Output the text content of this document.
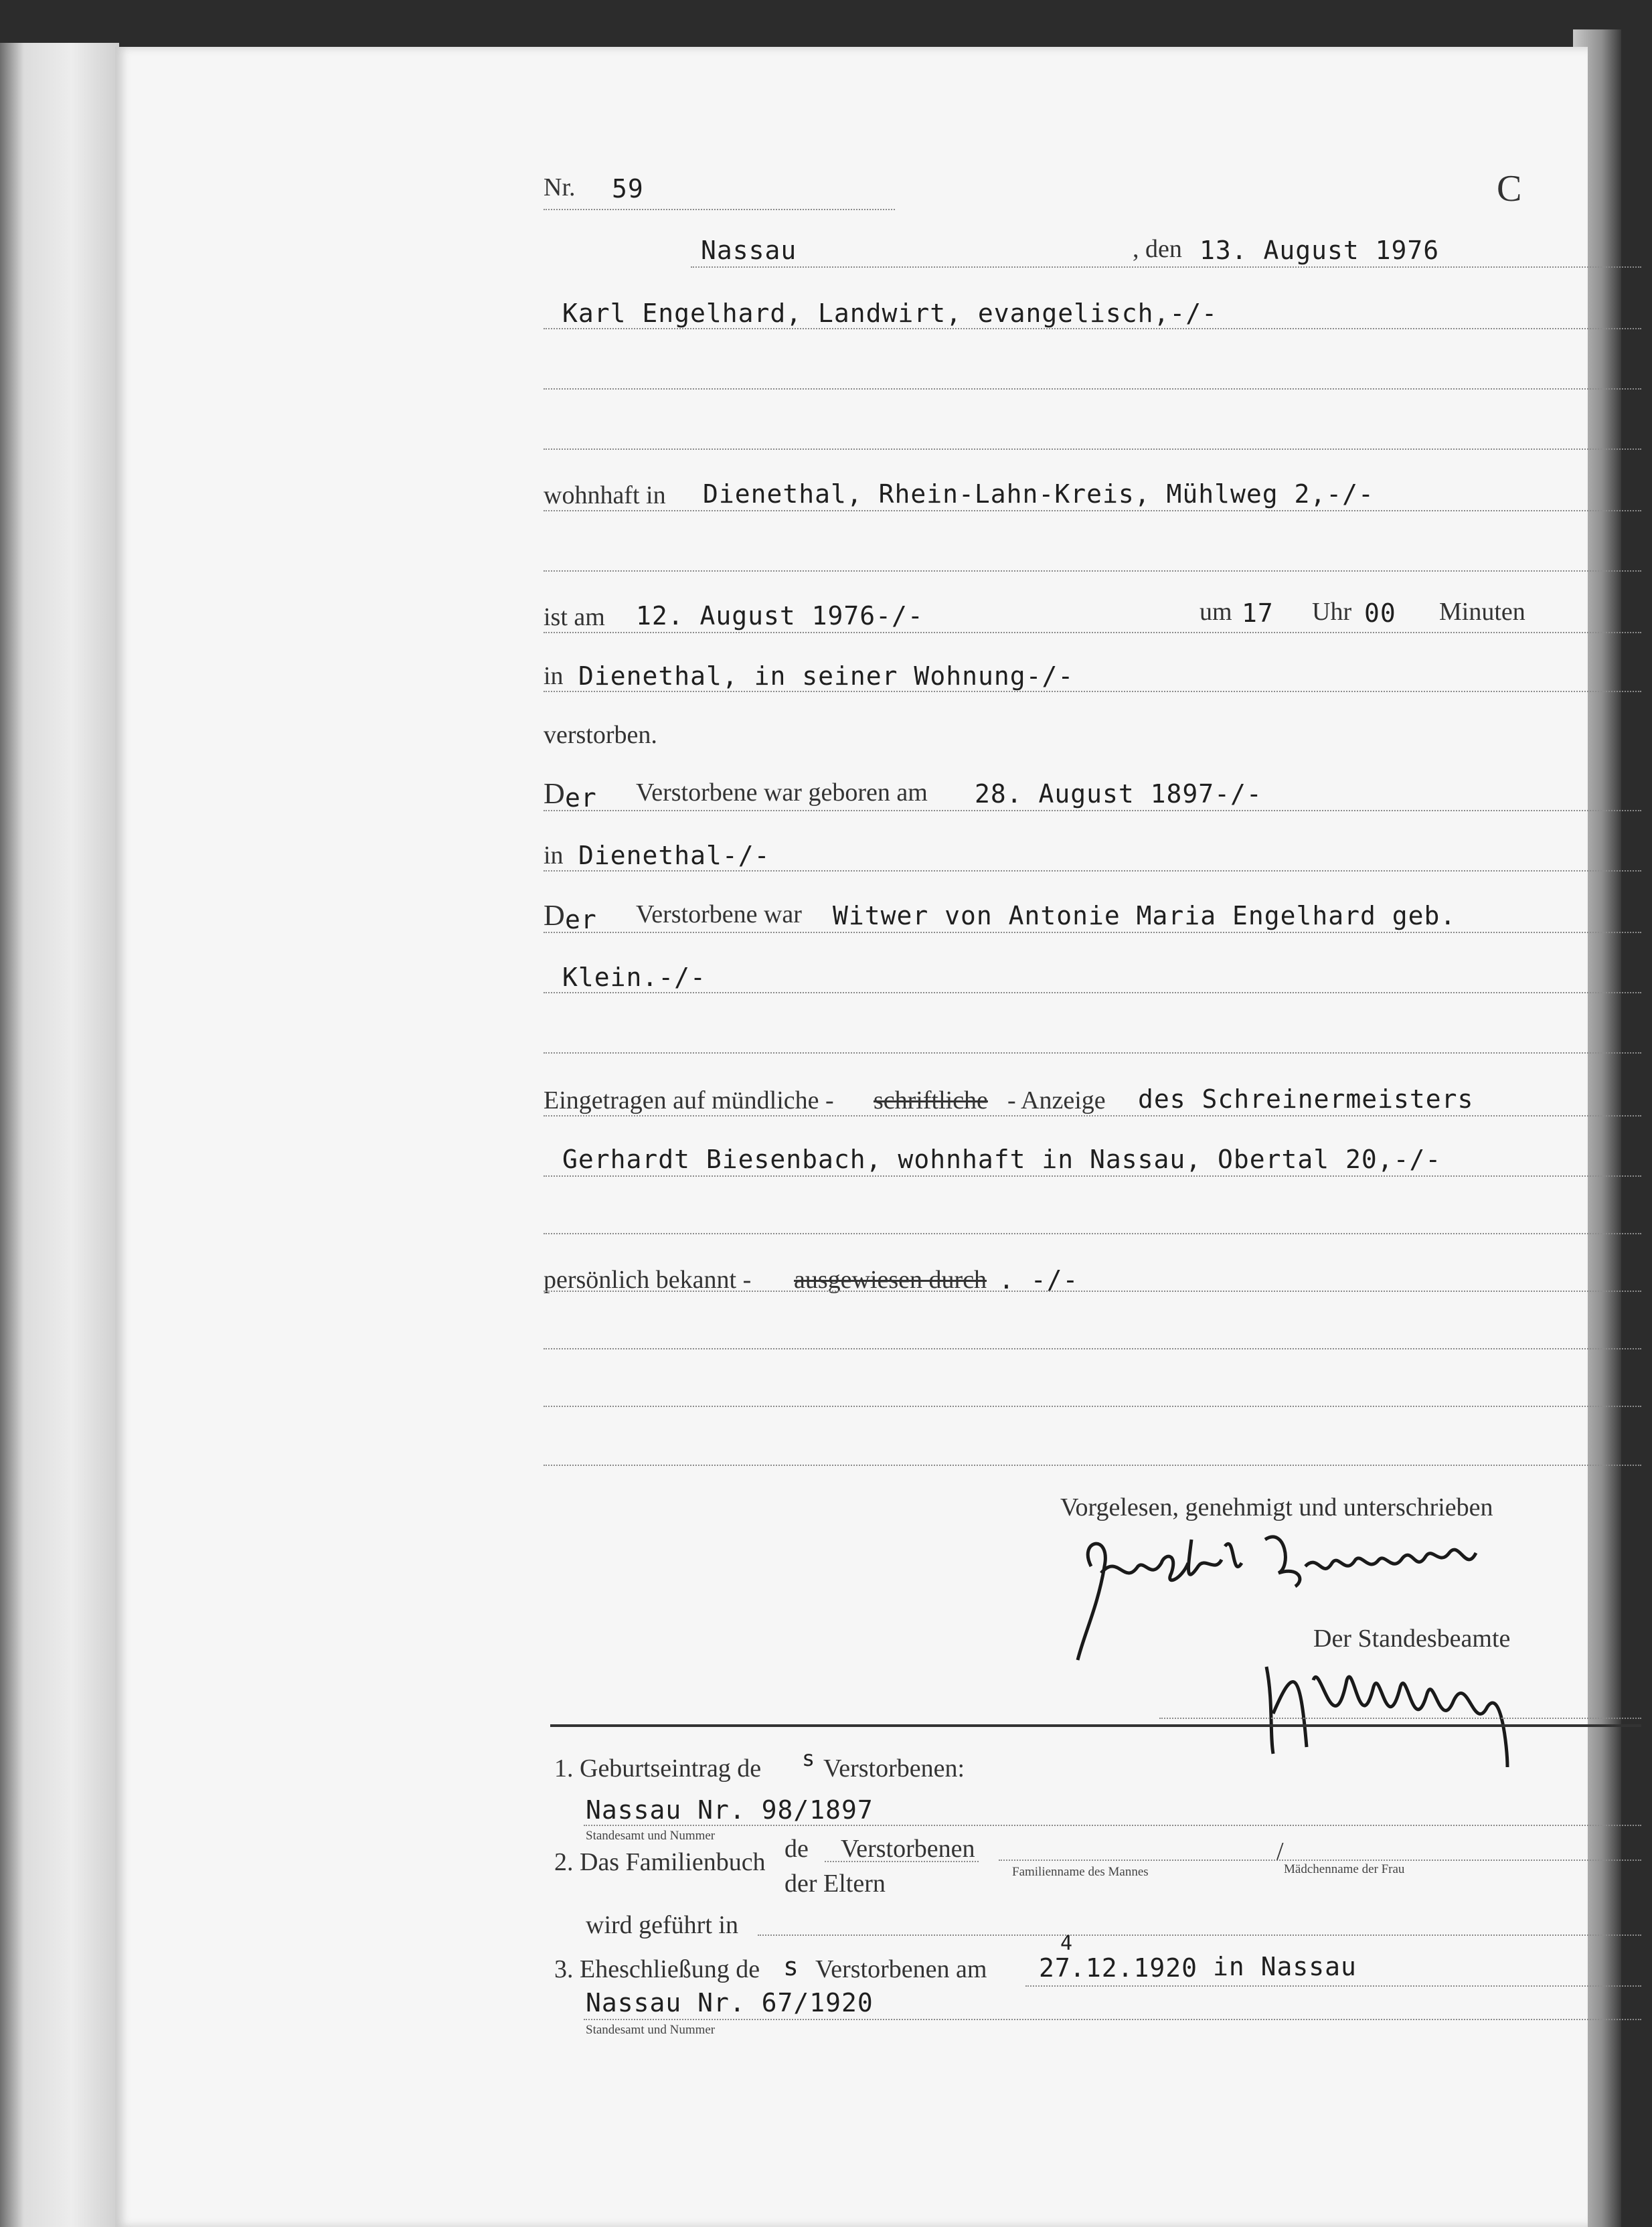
Nr. 59	C
Nassau	, den 13. August 1976
Karl Engelhard, Landwirt, evangelisch,-/-
wohnhaft in Dienethal, Rhein-Lahn-Kreis, Mühlweg 2,-/-
ist am 12. August 1976-/-	um 17 Uhr 00 Minuten
in Dienethal, in seiner Wohnung-/-
verstorben.
D er Verstorbene war geboren am 28. August 1897-/-
in Dienethal-/-
D er Verstorbene war Witwer von Antonie Maria Engelhard geb.
Klein.-/-
Eingetragen auf mündliche - schriftliche - Anzeige des Schreinermeisters
Gerhardt Biesenbach, wohnhaft in Nassau, Obertal 20,-/-
persönlich bekannt - ausgewiesen durch . -/-
Vorgelesen, genehmigt und unterschrieben
Der Standesbeamte
1. Geburtseintrag de s Verstorbenen:
Nassau Nr. 98/1897
Standesamt und Nummer
2. Das Familienbuch de Verstorbenen
der Eltern
/
Familienname des Mannes	Mädchenname der Frau
wird geführt in
3. Eheschließung de s Verstorbenen am 27
4
.12.1920 in Nassau
Nassau Nr. 67/1920
Standesamt und Nummer
